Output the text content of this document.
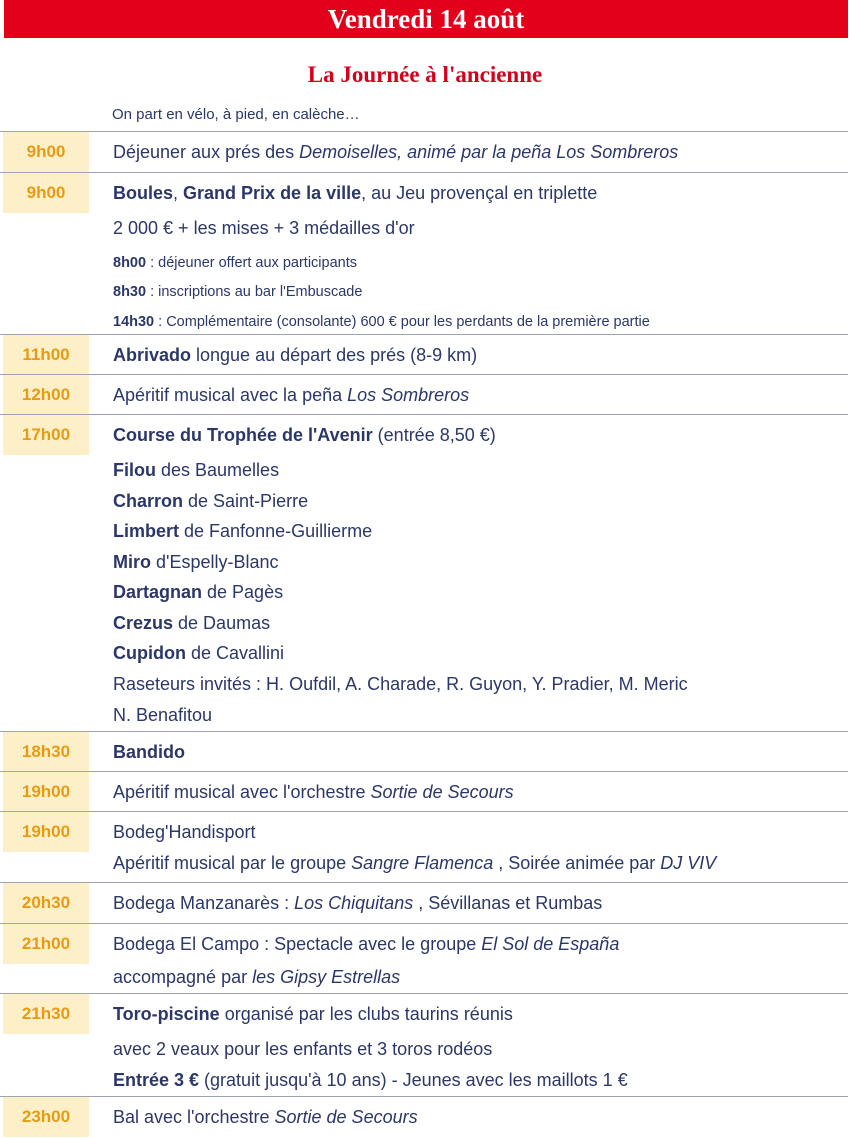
Vendredi 14 août
La Journée à l'ancienne
On part en vélo, à pied, en calèche…
9h00	Déjeuner aux prés des Demoiselles, animé par la peña Los Sombreros
9h00	Boules, Grand Prix de la ville, au Jeu provençal en triplette
2 000 € + les mises + 3 médailles d'or
8h00 : déjeuner offert aux participants
8h30 : inscriptions au bar l'Embuscade
14h30 : Complémentaire (consolante) 600 € pour les perdants de la première partie
11h00	Abrivado longue au départ des prés (8-9 km)
12h00	Apéritif musical avec la peña Los Sombreros
17h00	Course du Trophée de l'Avenir (entrée 8,50 €)
Filou des Baumelles
Charron de Saint-Pierre
Limbert de Fanfonne-Guillierme
Miro d'Espelly-Blanc
Dartagnan de Pagès
Crezus de Daumas
Cupidon de Cavallini
Raseteurs invités : H. Oufdil, A. Charade, R. Guyon, Y. Pradier, M. Meric
N. Benafitou
18h30	Bandido
19h00	Apéritif musical avec l'orchestre Sortie de Secours
19h00	Bodeg'Handisport
Apéritif musical par le groupe Sangre Flamenca , Soirée animée par DJ VIV
20h30	Bodega Manzanarès : Los Chiquitans , Sévillanas et Rumbas
21h00	Bodega El Campo : Spectacle avec le groupe El Sol de España
accompagné par les Gipsy Estrellas
21h30	Toro-piscine organisé par les clubs taurins réunis
avec 2 veaux pour les enfants et 3 toros rodéos
Entrée 3 € (gratuit jusqu'à 10 ans) - Jeunes avec les maillots 1 €
23h00	Bal avec l'orchestre Sortie de Secours
